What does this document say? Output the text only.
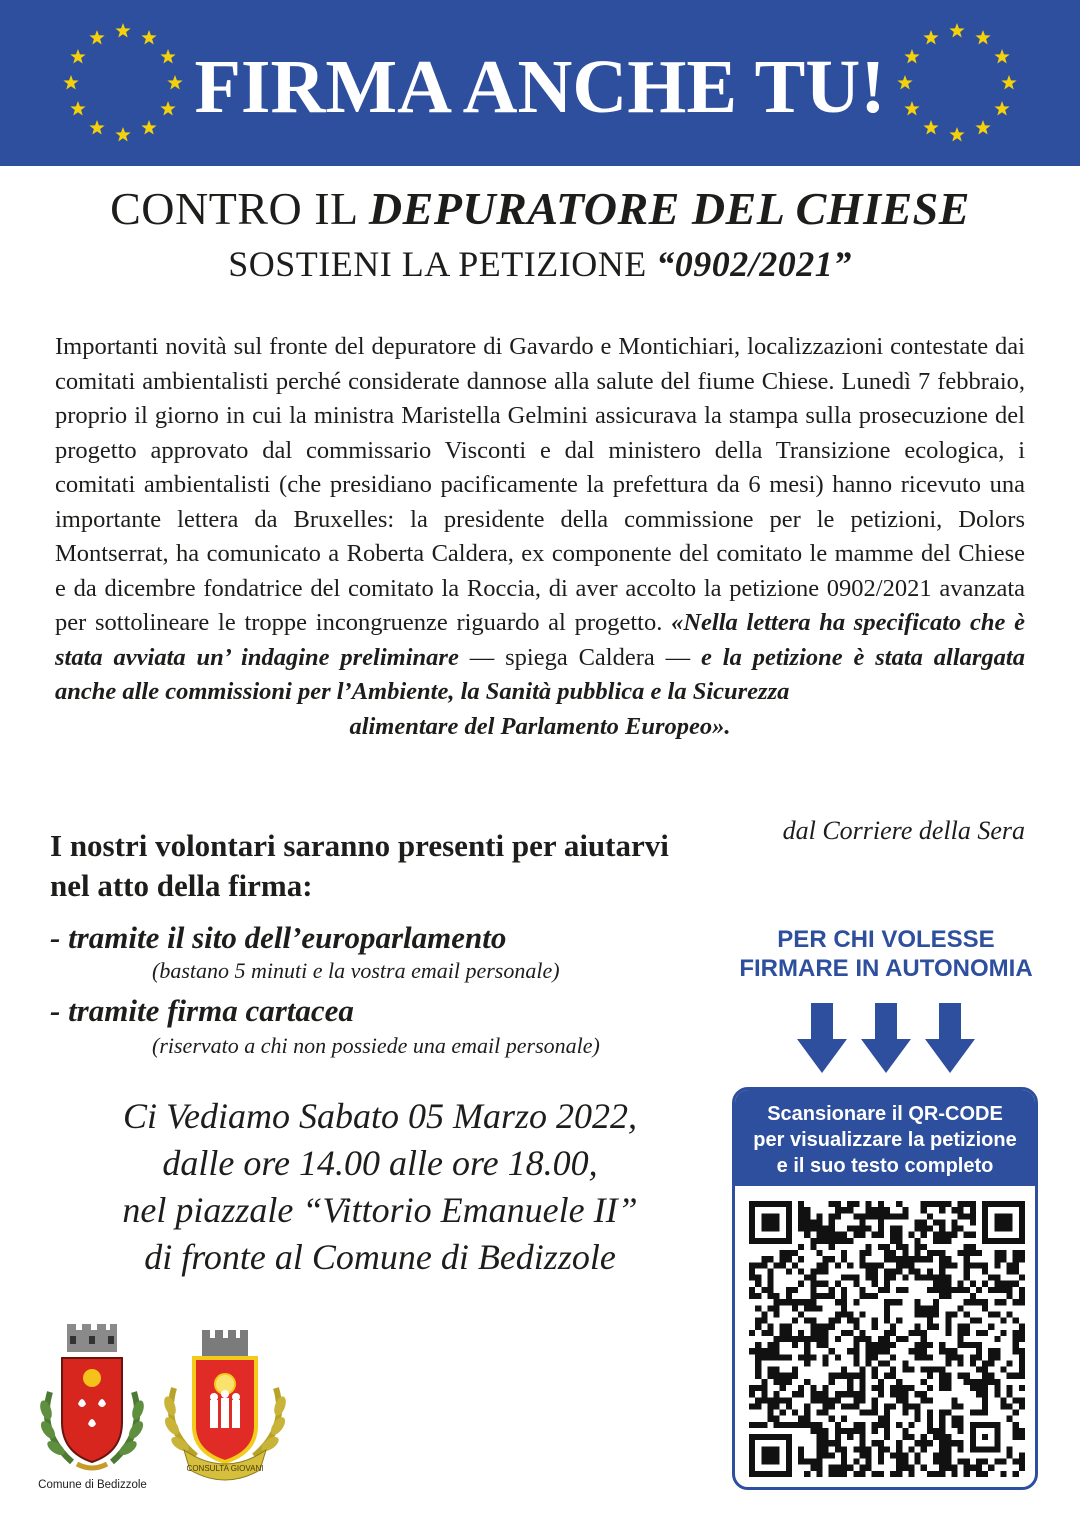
FIRMA ANCHE TU!
CONTRO IL DEPURATORE DEL CHIESE
SOSTIENI LA PETIZIONE “0902/2021”
Importanti novità sul fronte del depuratore di Gavardo e Montichiari, localizzazioni contestate dai comitati ambientalisti perché considerate dannose alla salute del fiume Chiese. Lunedì 7 febbraio, proprio il giorno in cui la ministra Maristella Gelmini assicurava la stampa sulla prosecuzione del progetto approvato dal commissario Visconti e dal ministero della Transizione ecologica, i comitati ambientalisti (che presidiano pacificamente la prefettura da 6 mesi) hanno ricevuto una importante lettera da Bruxelles: la presidente della commissione per le petizioni, Dolors Montserrat, ha comunicato a Roberta Caldera, ex componente del comitato le mamme del Chiese e da dicembre fondatrice del comitato la Roccia, di aver accolto la petizione 0902/2021 avanzata per sottolineare le troppe incongruenze riguardo al progetto. «Nella lettera ha specificato che è stata avviata un’ indagine preliminare — spiega Caldera — e la petizione è stata allargata anche alle commissioni per l’Ambiente, la Sanità pubblica e la Sicurezza
alimentare del Parlamento Europeo».
dal Corriere della Sera
I nostri volontari saranno presenti per aiutarvi nel atto della firma:
- tramite il sito dell’europarlamento
(bastano 5 minuti e la vostra email personale)
- tramite firma cartacea
(riservato a chi non possiede una email personale)
Ci Vediamo Sabato 05 Marzo 2022,
dalle ore 14.00 alle ore 18.00,
nel piazzale “Vittorio Emanuele II”
di fronte al Comune di Bedizzole
PER CHI VOLESSE
FIRMARE IN AUTONOMIA
Scansionare il QR-CODE
per visualizzare la petizione
e il suo testo completo
Comune di Bedizzole
CONSULTA GIOVANI
